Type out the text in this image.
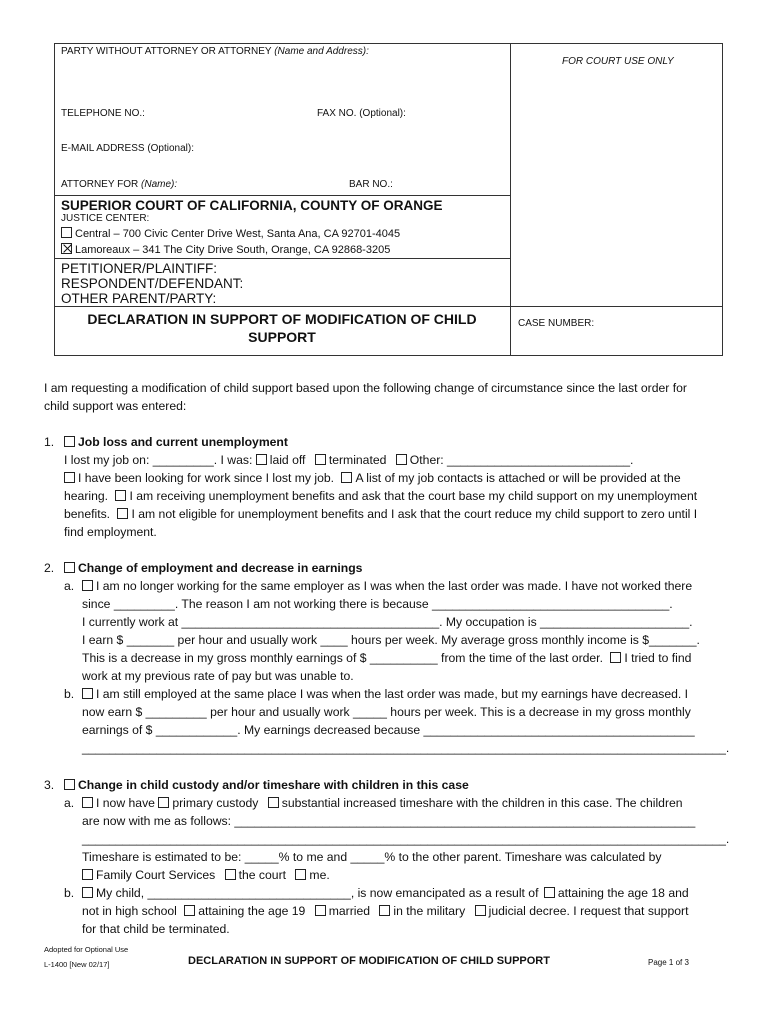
PARTY WITHOUT ATTORNEY OR ATTORNEY (Name and Address):
FOR COURT USE ONLY
TELEPHONE NO.:	FAX NO. (Optional):
E-MAIL ADDRESS (Optional):
ATTORNEY FOR (Name):	BAR NO.:
SUPERIOR COURT OF CALIFORNIA, COUNTY OF ORANGE
JUSTICE CENTER:
Central – 700 Civic Center Drive West, Santa Ana, CA 92701-4045
Lamoreaux – 341 The City Drive South, Orange, CA 92868-3205
PETITIONER/PLAINTIFF:
RESPONDENT/DEFENDANT:
OTHER PARENT/PARTY:
DECLARATION IN SUPPORT OF MODIFICATION OF CHILD
SUPPORT
CASE NUMBER:
I am requesting a modification of child support based upon the following change of circumstance since the last order for
child support was entered:
1.	Job loss and current unemployment
I lost my job on: _________. I was: laid off terminated Other: ___________________________.
I have been looking for work since I lost my job. A list of my job contacts is attached or will be provided at the
hearing. I am receiving unemployment benefits and ask that the court base my child support on my unemployment
benefits. I am not eligible for unemployment benefits and I ask that the court reduce my child support to zero until I
find employment.
2.	Change of employment and decrease in earnings
a.	I am no longer working for the same employer as I was when the last order was made. I have not worked there
since _________. The reason I am not working there is because ___________________________________.
I currently work at ______________________________________. My occupation is ______________________.
I earn $ _______ per hour and usually work ____ hours per week. My average gross monthly income is $_______.
This is a decrease in my gross monthly earnings of $ __________ from the time of the last order. I tried to find
work at my previous rate of pay but was unable to.
b.	I am still employed at the same place I was when the last order was made, but my earnings have decreased. I
now earn $ _________ per hour and usually work _____ hours per week. This is a decrease in my gross monthly
earnings of $ ____________. My earnings decreased because ________________________________________
_______________________________________________________________________________________________.
3.	Change in child custody and/or timeshare with children in this case
a.	I now have primary custody substantial increased timeshare with the children in this case. The children
are now with me as follows: ____________________________________________________________________
_______________________________________________________________________________________________.
Timeshare is estimated to be: _____% to me and _____% to the other parent. Timeshare was calculated by
Family Court Services the court me.
b.	My child, ______________________________, is now emancipated as a result of attaining the age 18 and
not in high school attaining the age 19 married in the military judicial decree. I request that support
for that child be terminated.
Adopted for Optional Use
L-1400 [New 02/17]	DECLARATION IN SUPPORT OF MODIFICATION OF CHILD SUPPORT	Page 1 of 3
